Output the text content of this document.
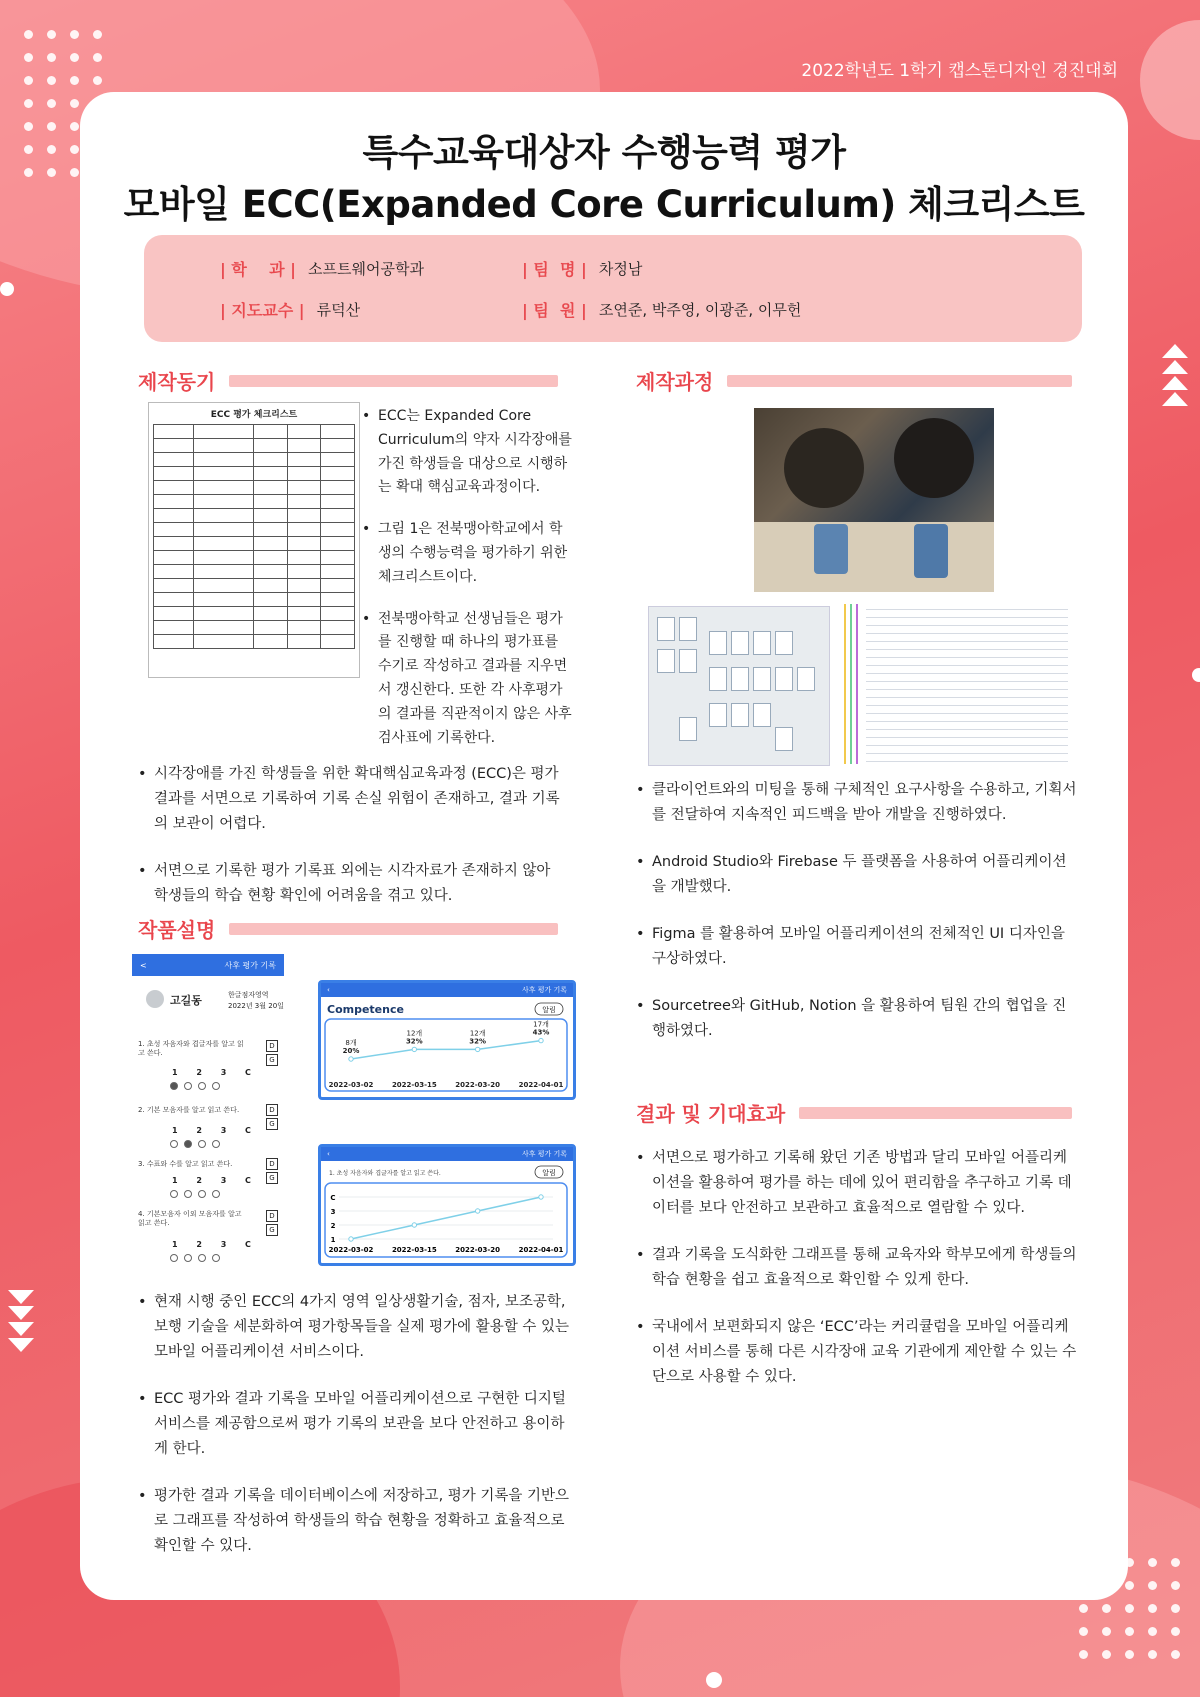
2022학년도 1학기 캡스톤디자인 경진대회
특수교육대상자 수행능력 평가
모바일 ECC(Expanded Core Curriculum) 체크리스트
| 학    과 | 소프트웨어공학과	| 팀  명 | 차정남
| 지도교수 | 류덕산	| 팀  원 | 조연준, 박주영, 이광준, 이무헌
제작동기
ECC 평가 체크리스트

•	ECC는 Expanded Core Curriculum의 약자 시각장애를 가진 학생들을 대상으로 시행하는 확대 핵심교육과정이다.
• 그림 1은 전북맹아학교에서 학생의 수행능력을 평가하기 위한 체크리스트이다.
• 전북맹아학교 선생님들은 평가를 진행할 때 하나의 평가표를 수기로 작성하고 결과를 지우면서 갱신한다. 또한 각 사후평가의 결과를 직관적이지 않은 사후검사표에 기록한다.
• 시각장애를 가진 학생들을 위한 확대핵심교육과정 (ECC)은 평가 결과를 서면으로 기록하여 기록 손실 위험이 존재하고, 결과 기록의 보관이 어렵다.
• 서면으로 기록한 평가 기록표 외에는 시각자료가 존재하지 않아 학생들의 학습 현황 확인에 어려움을 겪고 있다.
작품설명
<	사후 평가 기록
고길동	한글점자영역
2022년 3월 20일
1. 초성 자음자와 겹글자를 알고 읽고 쓴다.
D
G
1 2 3 C
2. 기본 모음자를 알고 읽고 쓴다.	D
G
1 2 3 C
3. 수표와 수를 알고 읽고 쓴다.	D
G
1 2 3 C
4. 기본모음자 이외 모음자를 알고 읽고 쓴다.
D
G
1 2 3 C
‹	사후 평가 기록
Competence	알림
8개
20%
2022-03-02
12개
32%
2022-03-15
12개
32%
2022-03-20
17개
43%
2022-04-01
‹	사후 평가 기록
1. 초성 자음자와 겹글자를 알고 읽고 쓴다.	알림
1
2
3
C
2022-03-02	2022-03-15	2022-03-20	2022-04-01
• 현재 시행 중인 ECC의 4가지 영역 일상생활기술, 점자, 보조공학, 보행 기술을 세분화하여 평가항목들을 실제 평가에 활용할 수 있는 모바일 어플리케이션 서비스이다.
• ECC 평가와 결과 기록을 모바일 어플리케이션으로 구현한 디지털 서비스를 제공함으로써 평가 기록의 보관을 보다 안전하고 용이하게 한다.
• 평가한 결과 기록을 데이터베이스에 저장하고, 평가 기록을 기반으로 그래프를 작성하여 학생들의 학습 현황을 정확하고 효율적으로 확인할 수 있다.
제작과정
• 클라이언트와의 미팅을 통해 구체적인 요구사항을 수용하고, 기획서를 전달하여 지속적인 피드백을 받아 개발을 진행하였다.
• Android Studio와 Firebase 두 플랫폼을 사용하여 어플리케이션을 개발했다.
• Figma 를 활용하여 모바일 어플리케이션의 전체적인 UI 디자인을 구상하였다.
• Sourcetree와 GitHub, Notion 을 활용하여 팀원 간의 협업을 진행하였다.
결과 및 기대효과
• 서면으로 평가하고 기록해 왔던 기존 방법과 달리 모바일 어플리케이션을 활용하여 평가를 하는 데에 있어 편리함을 추구하고 기록 데이터를 보다 안전하고 보관하고 효율적으로 열람할 수 있다.
• 결과 기록을 도식화한 그래프를 통해 교육자와 학부모에게 학생들의 학습 현황을 쉽고 효율적으로 확인할 수 있게 한다.
• 국내에서 보편화되지 않은 ‘ECC’라는 커리큘럼을 모바일 어플리케이션 서비스를 통해 다른 시각장애 교육 기관에게 제안할 수 있는 수단으로 사용할 수 있다.
